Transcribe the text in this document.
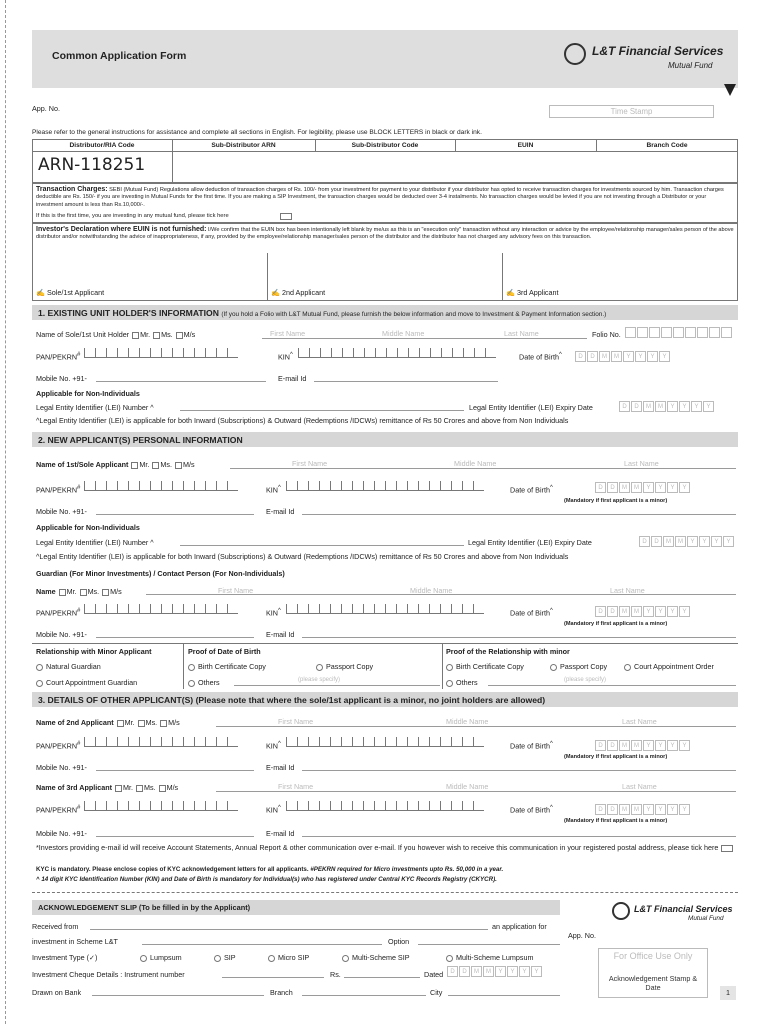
Common Application Form	L&T Financial Services
Mutual Fund
App. No.	Time Stamp
Please refer to the general instructions for assistance and complete all sections in English. For legibility, please use BLOCK LETTERS in black or dark ink.
Distributor/RIA Code	Sub-Distributor ARN	Sub-Distributor Code	EUIN	Branch Code
ARN-118251
Transaction Charges: SEBI (Mutual Fund) Regulations allow deduction of transaction charges of Rs. 100/- from your investment for payment to your distributor if your distributor has opted to receive transaction charges for investments sourced by him. Transaction charges deductible are Rs. 150/- if you are investing in Mutual Funds for the first time. If you are making a SIP Investment, the transaction charges would be deducted over 3-4 instalments. No transaction charges would be levied if you are not investing through a Distributor or your investment amount is less than Rs.10,000/-.
If this is the first time, you are investing in any mutual fund, please tick here
Investor's Declaration where EUIN is not furnished: I/We confirm that the EUIN box has been intentionally left blank by me/us as this is an "execution only" transaction without any interaction or advice by the employee/relationship manager/sales person of the above distributor and/or notwithstanding the advice of inappropriateness, if any, provided by the employee/relationship manager/sales person of the distributor and the distributor has not charged any advisory fees on this transaction.
✍ Sole/1st Applicant	✍ 2nd Applicant	✍ 3rd Applicant
1. EXISTING UNIT HOLDER'S INFORMATION (If you hold a Folio with L&T Mutual Fund, please furnish the below information and move to Investment & Payment Information section.)
Name of Sole/1st Unit Holder Mr. Ms. M/s	First Name	Middle Name	Last Name	Folio No.
PAN/PEKRN#	KIN^	Date of Birth^	D	D	M	M	Y	Y	Y	Y
Mobile No. +91-	E-mail Id
Applicable for Non-Individuals
Legal Entity Identifier (LEI) Number ^	Legal Entity Identifier (LEI) Expiry Date	D	D	M	M	Y	Y	Y	Y
^Legal Entity Identifier (LEI) is applicable for both Inward (Subscriptions) & Outward (Redemptions /IDCWs) remittance of Rs 50 Crores and above from Non Individuals
2. NEW APPLICANT(S) PERSONAL INFORMATION
Name of 1st/Sole Applicant Mr. Ms. M/s	First Name	Middle Name	Last Name
PAN/PEKRN#	KIN^	Date of Birth^	D	D	M	M	Y	Y	Y	Y
(Mandatory if first applicant is a minor)
Mobile No. +91-	E-mail Id
Applicable for Non-Individuals
Legal Entity Identifier (LEI) Number ^	Legal Entity Identifier (LEI) Expiry Date	D	D	M	M	Y	Y	Y	Y
^Legal Entity Identifier (LEI) is applicable for both Inward (Subscriptions) & Outward (Redemptions /IDCWs) remittance of Rs 50 Crores and above from Non Individuals
Guardian (For Minor Investments) / Contact Person (For Non-Individuals)
Name Mr. Ms. M/s	First Name	Middle Name	Last Name
PAN/PEKRN#	KIN^	Date of Birth^	D	D	M	M	Y	Y	Y	Y
(Mandatory if first applicant is a minor)
Mobile No. +91-	E-mail Id
Relationship with Minor Applicant	Proof of Date of Birth	Proof of the Relationship with minor
Natural Guardian
Court Appointment Guardian
Birth Certificate Copy	Passport Copy
Others	(please specify)
Birth Certificate Copy	Passport Copy	Court Appointment Order
Others	(please specify)
3. DETAILS OF OTHER APPLICANT(S) (Please note that where the sole/1st applicant is a minor, no joint holders are allowed)
Name of 2nd Applicant Mr. Ms. M/s	First Name	Middle Name	Last Name
PAN/PEKRN#	KIN^	Date of Birth^	D	D	M	M	Y	Y	Y	Y
(Mandatory if first applicant is a minor)
Mobile No. +91-	E-mail Id
Name of 3rd Applicant Mr. Ms. M/s	First Name	Middle Name	Last Name
PAN/PEKRN#	KIN^	Date of Birth^	D	D	M	M	Y	Y	Y	Y
(Mandatory if first applicant is a minor)
Mobile No. +91-	E-mail Id
*Investors providing e-mail id will receive Account Statements, Annual Report & other communication over e-mail. If you however wish to receive this communication in your registered postal address, please tick here
KYC is mandatory. Please enclose copies of KYC acknowledgement letters for all applicants. #PEKRN required for Micro investments upto Rs. 50,000 in a year.
^ 14 digit KYC Identification Number (KIN) and Date of Birth is mandatory for Individual(s) who has registered under Central KYC Records Registry (CKYCR).
ACKNOWLEDGEMENT SLIP (To be filled in by the Applicant)	L&T Financial Services
Mutual Fund
Received from	an application for
App. No.
investment in Scheme L&T	Option
Investment Type (✓)	Lumpsum	SIP	Micro SIP	Multi-Scheme SIP	Multi-Scheme Lumpsum
Investment Cheque Details : Instrument number	Rs.	Dated	D	D	M	M	Y	Y	Y	Y
Drawn on Bank	Branch	City
For Office Use Only
Acknowledgement Stamp & Date
1
